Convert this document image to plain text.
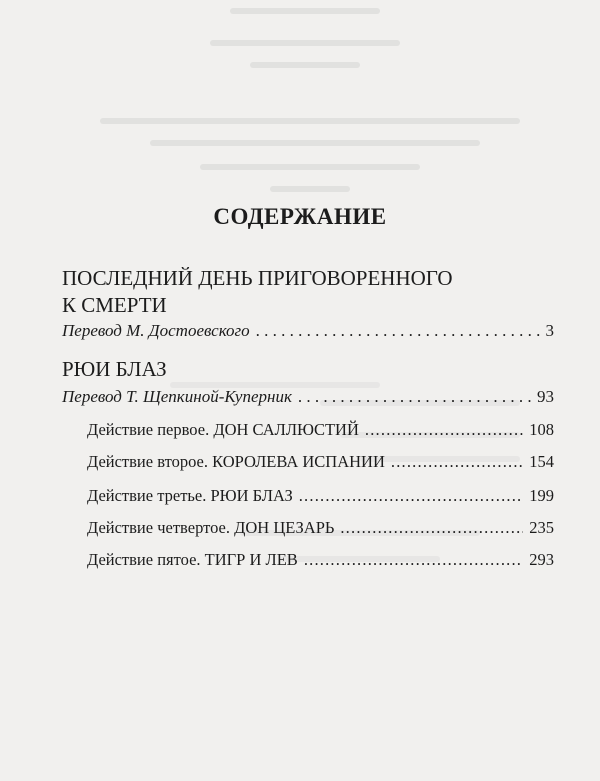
СОДЕРЖАНИЕ
ПОСЛЕДНИЙ ДЕНЬ ПРИГОВОРЕННОГО
К СМЕРТИ
Перевод М. Достоевского . . .	3
РЮИ БЛАЗ
Перевод Т. Щепкиной-Куперник . . .	93
Действие первое. ДОН САЛЛЮСТИЙ .....	108
Действие второе. КОРОЛЕВА ИСПАНИИ .....	154
Действие третье. РЮИ БЛАЗ .....	199
Действие четвертое. ДОН ЦЕЗАРЬ .....	235
Действие пятое. ТИГР И ЛЕВ .....	293
